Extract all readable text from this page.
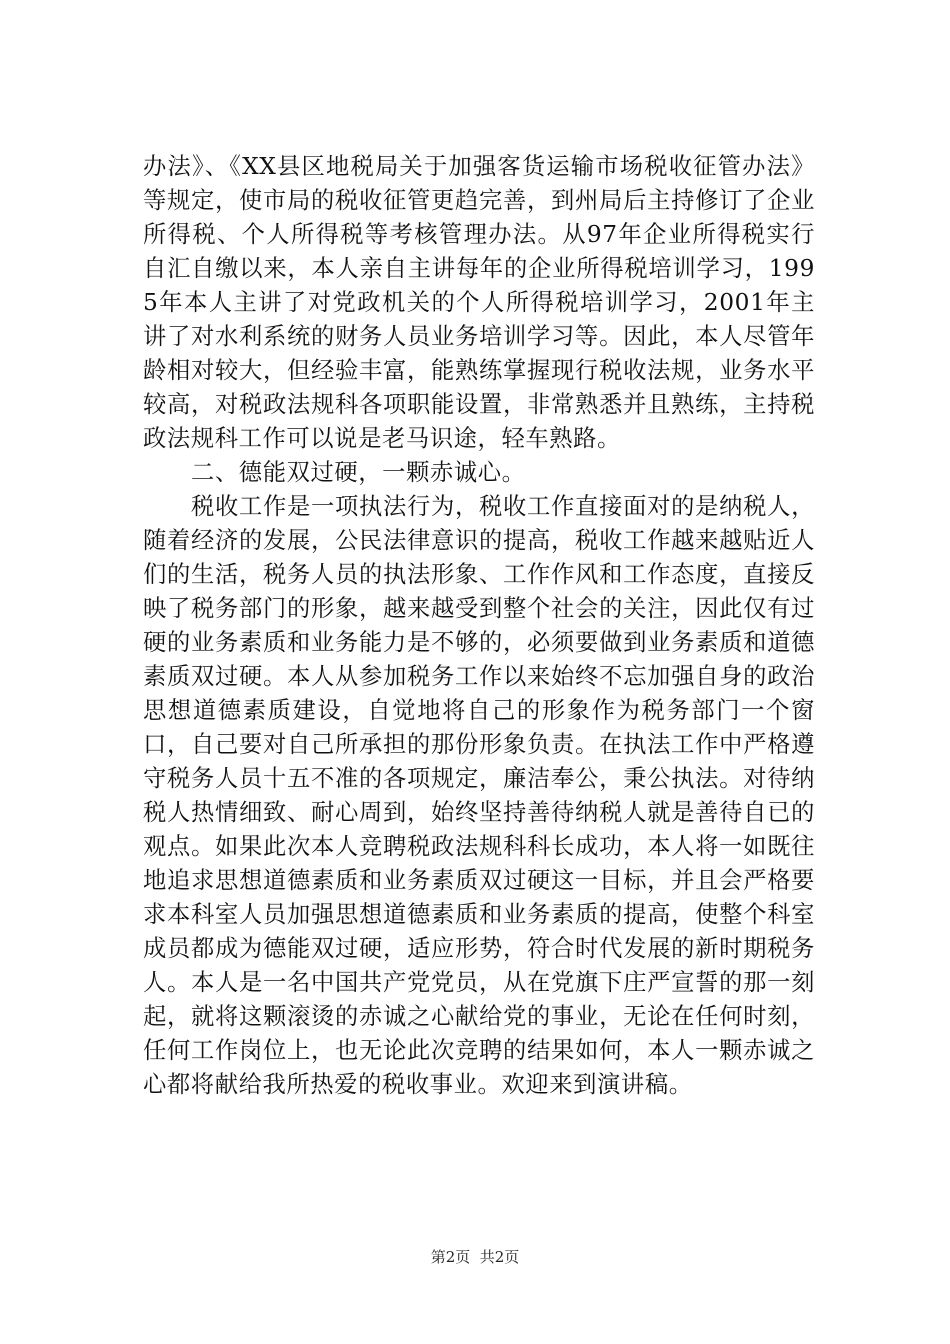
办法》、《XX县区地税局关于加强客货运输市场税收征管办法》等规定，使市局的税收征管更趋完善，到州局后主持修订了企业所得税、个人所得税等考核管理办法。从97年企业所得税实行自汇自缴以来，本人亲自主讲每年的企业所得税培训学习，1995年本人主讲了对党政机关的个人所得税培训学习，2001年主讲了对水利系统的财务人员业务培训学习等。因此，本人尽管年龄相对较大，但经验丰富，能熟练掌握现行税收法规，业务水平较高，对税政法规科各项职能设置，非常熟悉并且熟练，主持税政法规科工作可以说是老马识途，轻车熟路。

二、德能双过硬，一颗赤诚心。

税收工作是一项执法行为，税收工作直接面对的是纳税人，随着经济的发展，公民法律意识的提高，税收工作越来越贴近人们的生活，税务人员的执法形象、工作作风和工作态度，直接反映了税务部门的形象，越来越受到整个社会的关注，因此仅有过硬的业务素质和业务能力是不够的，必须要做到业务素质和道德素质双过硬。本人从参加税务工作以来始终不忘加强自身的政治思想道德素质建设，自觉地将自己的形象作为税务部门一个窗口，自己要对自己所承担的那份形象负责。在执法工作中严格遵守税务人员十五不准的各项规定，廉洁奉公，秉公执法。对待纳税人热情细致、耐心周到，始终坚持善待纳税人就是善待自已的观点。如果此次本人竞聘税政法规科科长成功，本人将一如既往地追求思想道德素质和业务素质双过硬这一目标，并且会严格要求本科室人员加强思想道德素质和业务素质的提高，使整个科室成员都成为德能双过硬，适应形势，符合时代发展的新时期税务人。本人是一名中国共产党党员，从在党旗下庄严宣誓的那一刻起，就将这颗滚烫的赤诚之心献给党的事业，无论在任何时刻，任何工作岗位上，也无论此次竞聘的结果如何，本人一颗赤诚之心都将献给我所热爱的税收事业。欢迎来到演讲稿。

第2页  共2页
